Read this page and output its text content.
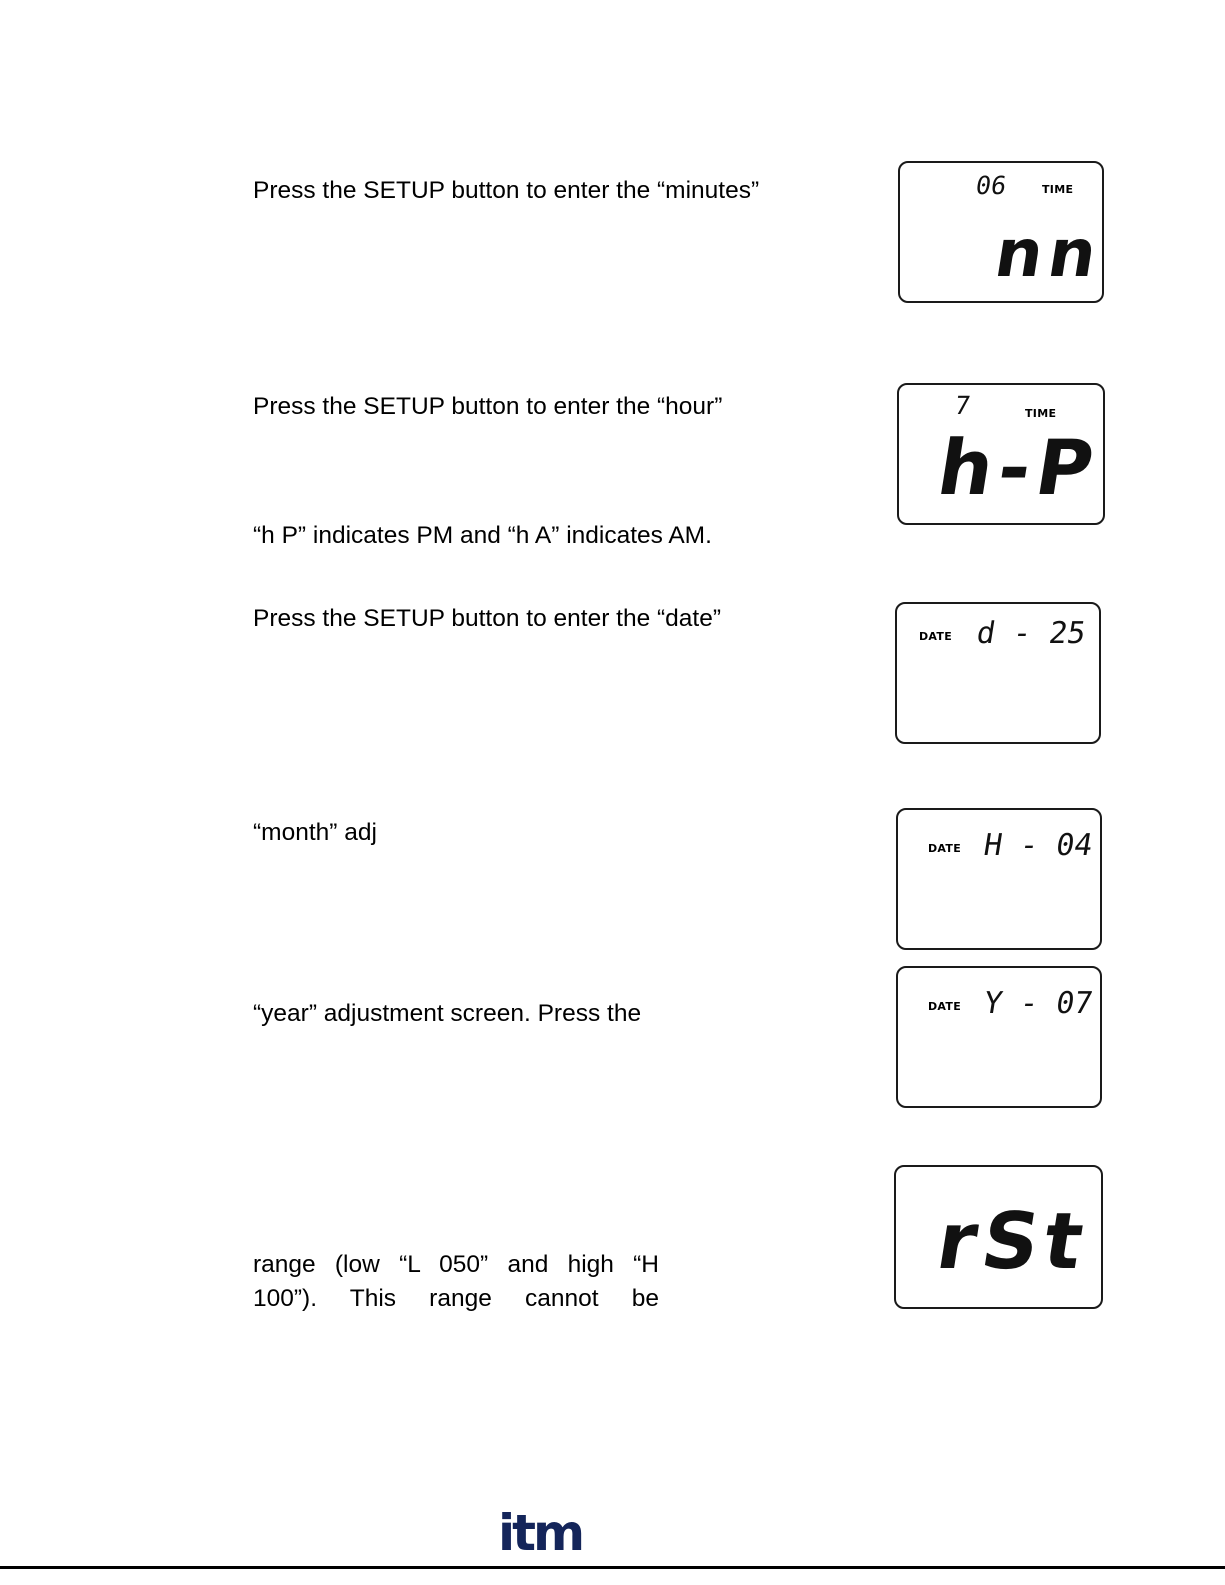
Press the SETUP button to enter the “minutes”

Press the SETUP button to enter the “hour”

“h P” indicates PM and “h A” indicates AM.

Press the SETUP button to enter the “date”

“month” adj

“year” adjustment screen. Press the

range (low “L 050” and high “H
100”). This range cannot be

06	TIME

nn

7	TIME

h-P

DATE d - 25

DATE H - 04

DATE Y - 07

rSt

itm
